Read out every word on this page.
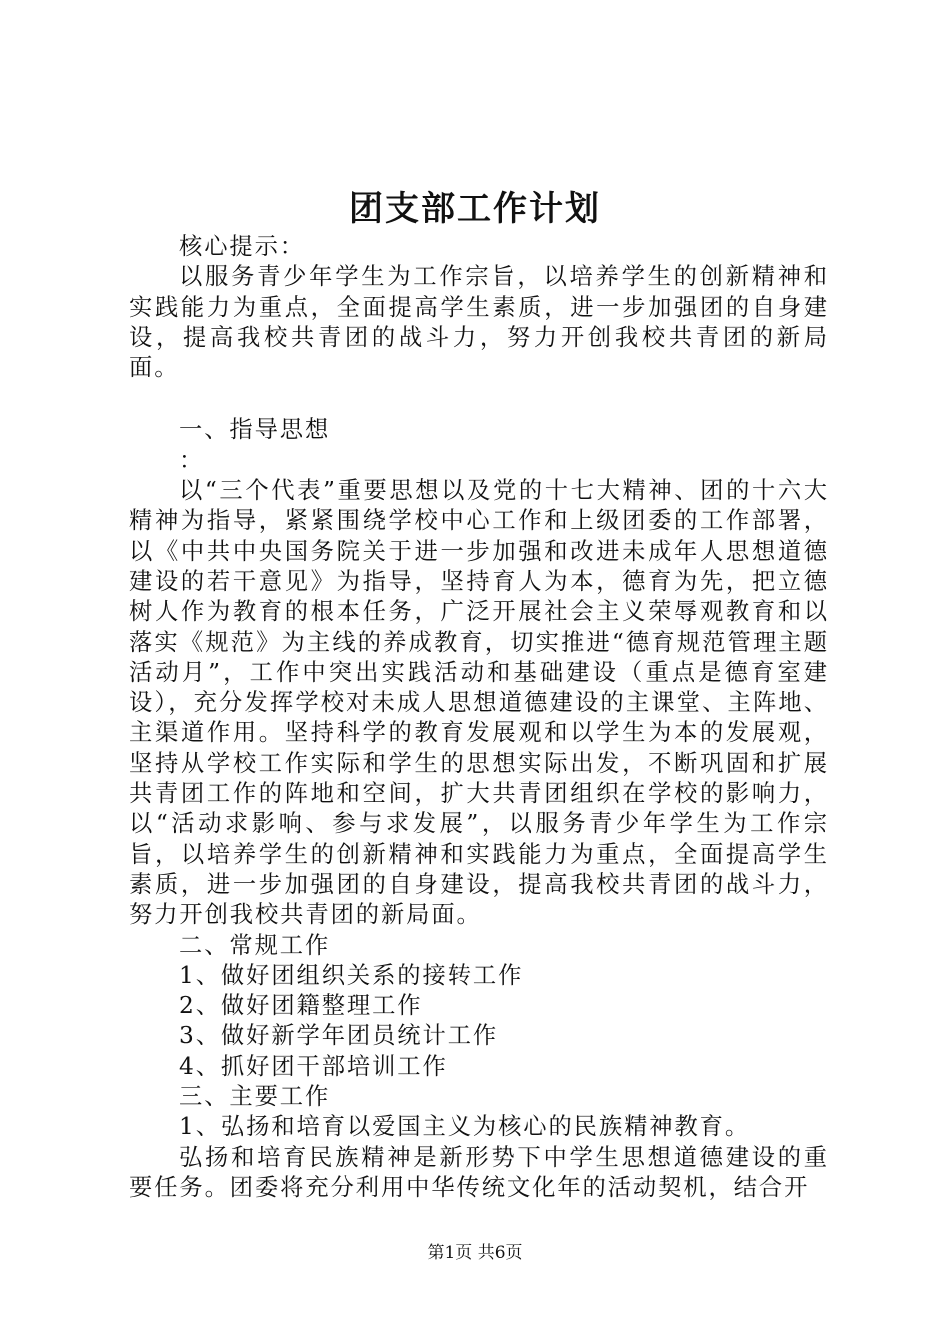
团支部工作计划

核心提示：

以服务青少年学生为工作宗旨，以培养学生的创新精神和实践能力为重点，全面提高学生素质，进一步加强团的自身建设，提高我校共青团的战斗力，努力开创我校共青团的新局面。

一、指导思想

：

以“三个代表”重要思想以及党的十七大精神、团的十六大精神为指导，紧紧围绕学校中心工作和上级团委的工作部署，以《中共中央国务院关于进一步加强和改进未成年人思想道德建设的若干意见》为指导，坚持育人为本，德育为先，把立德树人作为教育的根本任务，广泛开展社会主义荣辱观教育和以落实《规范》为主线的养成教育，切实推进“德育规范管理主题活动月”，工作中突出实践活动和基础建设（重点是德育室建设），充分发挥学校对未成人思想道德建设的主课堂、主阵地、主渠道作用。坚持科学的教育发展观和以学生为本的发展观，坚持从学校工作实际和学生的思想实际出发，不断巩固和扩展共青团工作的阵地和空间，扩大共青团组织在学校的影响力，以“活动求影响、参与求发展”，以服务青少年学生为工作宗旨，以培养学生的创新精神和实践能力为重点，全面提高学生素质，进一步加强团的自身建设，提高我校共青团的战斗力，努力开创我校共青团的新局面。

二、常规工作

1、做好团组织关系的接转工作

2、做好团籍整理工作

3、做好新学年团员统计工作

4、抓好团干部培训工作

三、主要工作

1、弘扬和培育以爱国主义为核心的民族精神教育。

弘扬和培育民族精神是新形势下中学生思想道德建设的重要任务。团委将充分利用中华传统文化年的活动契机，结合开

第1页 共6页
